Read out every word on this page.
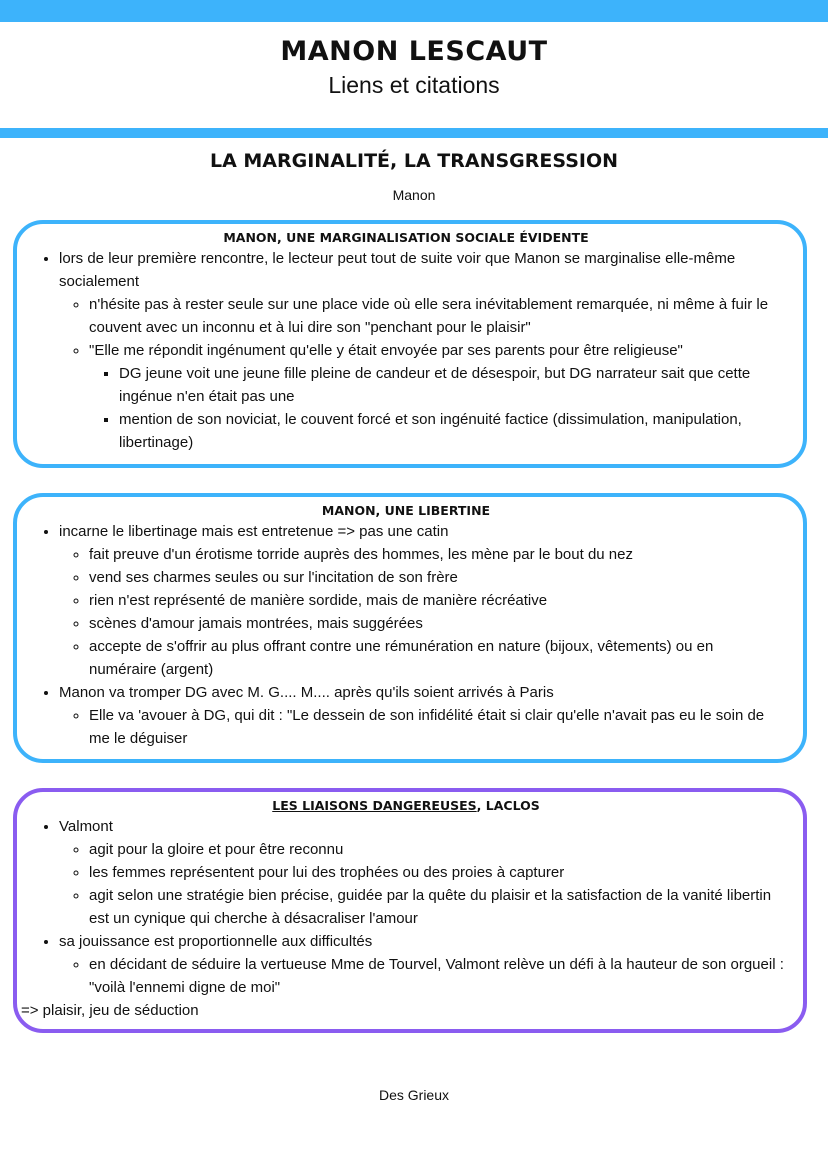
MANON LESCAUT
Liens et citations
LA MARGINALITÉ, LA TRANSGRESSION
Manon
MANON, UNE MARGINALISATION SOCIALE ÉVIDENTE
• lors de leur première rencontre, le lecteur peut tout de suite voir que Manon se marginalise elle-même socialement
◦ n'hésite pas à rester seule sur une place vide où elle sera inévitablement remarquée, ni même à fuir le couvent avec un inconnu et à lui dire son "penchant pour le plaisir"
◦ "Elle me répondit ingénument qu'elle y était envoyée par ses parents pour être religieuse"
▪ DG jeune voit une jeune fille pleine de candeur et de désespoir, but DG narrateur sait que cette ingénue n'en était pas une
▪ mention de son noviciat, le couvent forcé et son ingénuité factice (dissimulation, manipulation, libertinage)
MANON, UNE LIBERTINE
• incarne le libertinage mais est entretenue => pas une catin
◦ fait preuve d'un érotisme torride auprès des hommes, les mène par le bout du nez
◦ vend ses charmes seules ou sur l'incitation de son frère
◦ rien n'est représenté de manière sordide, mais de manière récréative
◦ scènes d'amour jamais montrées, mais suggérées
◦ accepte de s'offrir au plus offrant contre une rémunération en nature (bijoux, vêtements) ou en numéraire (argent)
• Manon va tromper DG avec M. G.... M.... après qu'ils soient arrivés à Paris
◦ Elle va 'avouer à DG, qui dit : "Le dessein de son infidélité était si clair qu'elle n'avait pas eu le soin de me le déguiser
LES LIAISONS DANGEREUSES, LACLOS
• Valmont
◦ agit pour la gloire et pour être reconnu
◦ les femmes représentent pour lui des trophées ou des proies à capturer
◦ agit selon une stratégie bien précise, guidée par la quête du plaisir et la satisfaction de la vanité libertin est un cynique qui cherche à désacraliser l'amour
• sa jouissance est proportionnelle aux difficultés
◦ en décidant de séduire la vertueuse Mme de Tourvel, Valmont relève un défi à la hauteur de son orgueil : "voilà l'ennemi digne de moi"
=> plaisir, jeu de séduction
Des Grieux
